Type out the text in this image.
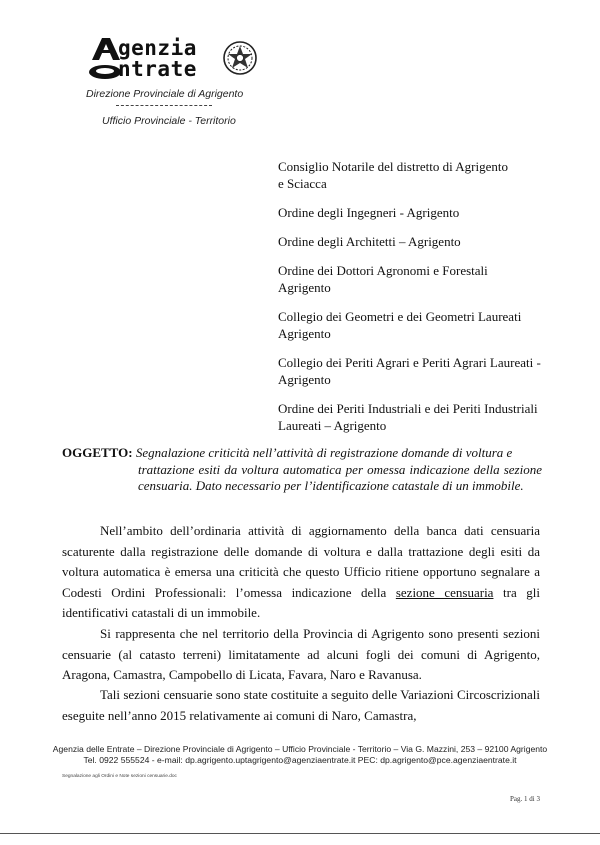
genzia
ntrate
Direzione Provinciale di Agrigento
Ufficio Provinciale - Territorio
Consiglio Notarile del distretto di Agrigento e Sciacca
Ordine degli Ingegneri - Agrigento
Ordine degli Architetti – Agrigento
Ordine dei Dottori Agronomi e Forestali Agrigento
Collegio dei Geometri e dei Geometri Laureati Agrigento
Collegio dei Periti Agrari e Periti Agrari Laureati - Agrigento
Ordine dei Periti Industriali e dei Periti Industriali Laureati – Agrigento
OGGETTO: Segnalazione criticità nell’attività di registrazione domande di voltura e
trattazione esiti da voltura automatica per omessa indicazione della sezione censuaria. Dato necessario per l’identificazione catastale di un immobile.
Nell’ambito dell’ordinaria attività di aggiornamento della banca dati censuaria scaturente dalla registrazione delle domande di voltura e dalla trattazione degli esiti da voltura automatica è emersa una criticità che questo Ufficio ritiene opportuno segnalare a Codesti Ordini Professionali: l’omessa indicazione della sezione censuaria tra gli identificativi catastali di un immobile.
Si rappresenta che nel territorio della Provincia di Agrigento sono presenti sezioni censuarie (al catasto terreni) limitatamente ad alcuni fogli dei comuni di Agrigento, Aragona, Camastra, Campobello di Licata, Favara, Naro e Ravanusa.
Tali sezioni censuarie sono state costituite a seguito delle Variazioni Circoscrizionali eseguite nell’anno 2015 relativamente ai comuni di Naro, Camastra,
Agenzia delle Entrate – Direzione Provinciale di Agrigento – Ufficio Provinciale - Territorio – Via G. Mazzini, 253 – 92100 Agrigento
Tel. 0922 555524 - e-mail: dp.agrigento.uptagrigento@agenziaentrate.it PEC: dp.agrigento@pce.agenziaentrate.it
Segnalazione agli Ordini e Note sezioni censuarie.doc
Pag. 1 di 3
